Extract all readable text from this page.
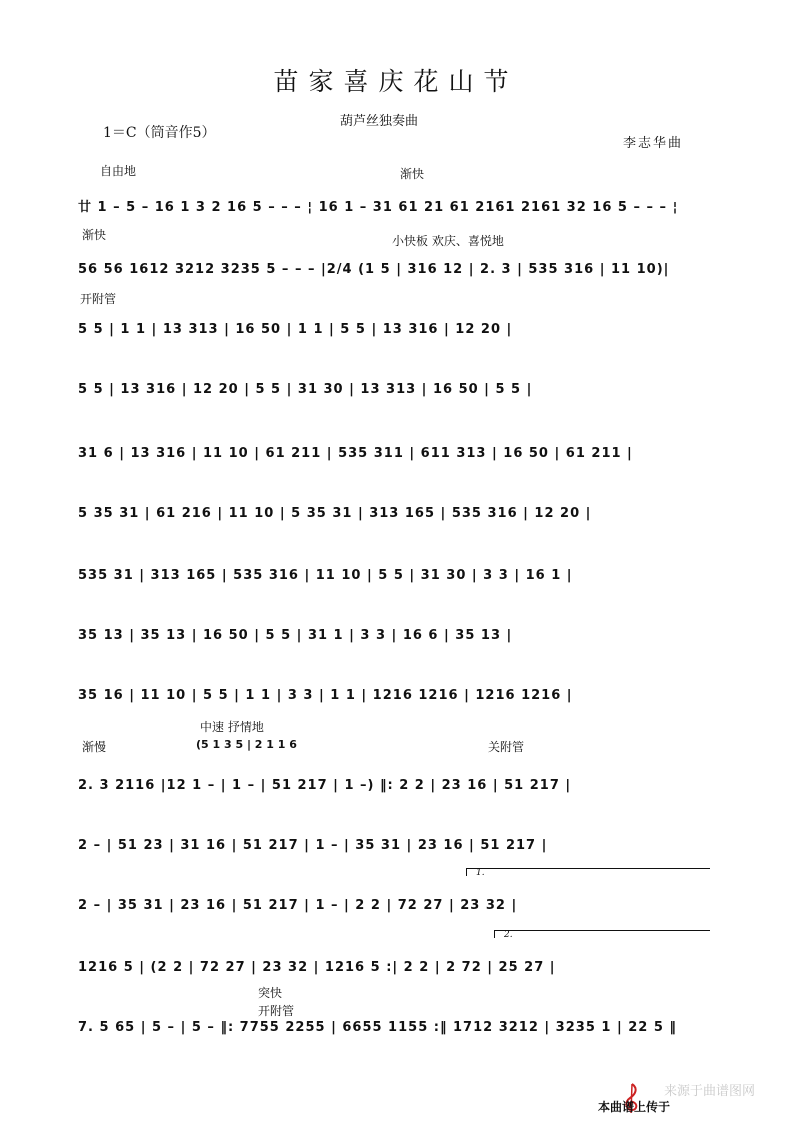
苗家喜庆花山节
葫芦丝独奏曲
1＝C（筒音作5）
李志华曲
自由地	渐快
渐快	小快板 欢庆、喜悦地
开附管
渐慢
中速 抒情地
(5 1 3 5 | 2 1 1 6	关附管
突快
开附管
廿 1 – 5 – 16 1 3 2 16 5 – – – ¦ 16 1 – 31 61 21 61 2161 2161 32 16 5 – – – ¦
56 56 1612 3212 3235 5 – – – |2/4 (1 5 | 316 12 | 2. 3 | 535 316 | 11 10)|
5 5 | 1 1 | 13 313 | 16 50 | 1 1 | 5 5 | 13 316 | 12 20 |
5 5 | 13 316 | 12 20 | 5 5 | 31 30 | 13 313 | 16 50 | 5 5 |
31 6 | 13 316 | 11 10 | 61 211 | 535 311 | 611 313 | 16 50 | 61 211 |
5 35 31 | 61 216 | 11 10 | 5 35 31 | 313 165 | 535 316 | 12 20 |
535 31 | 313 165 | 535 316 | 11 10 | 5 5 | 31 30 | 3 3 | 16 1 |
35 13 | 35 13 | 16 50 | 5 5 | 31 1 | 3 3 | 16 6 | 35 13 |
35 16 | 11 10 | 5 5 | 1 1 | 3 3 | 1 1 | 1216 1216 | 1216 1216 |
2. 3 2116 |12 1 – | 1 – | 51 217 | 1 –) ‖: 2 2 | 23 16 | 51 217 |
2 – | 51 23 | 31 16 | 51 217 | 1 – | 35 31 | 23 16 | 51 217 |
2 – | 35 31 | 23 16 | 51 217 | 1 – | 2 2 | 72 27 | 23 32 |
1216 5 | (2 2 | 72 27 | 23 32 | 1216 5 :| 2 2 | 2 72 | 25 27 |
7. 5 65 | 5 – | 5 – ‖: 7755 2255 | 6655 1155 :‖ 1712 3212 | 3235 1 | 22 5 ‖
1.
2.
来源于曲谱图网
本曲谱上传于
